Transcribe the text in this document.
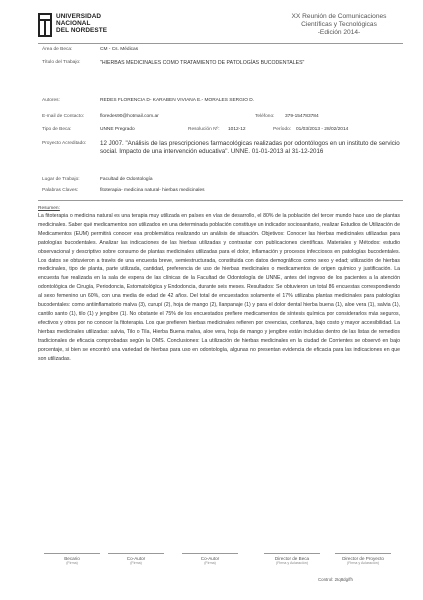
UNIVERSIDAD
NACIONAL
DEL NORDESTE
XX Reunión de Comunicaciones
Científicas y Tecnológicas
-Edición 2014-
Área de Beca:	CM - Cs. Médicas
Título del Trabajo:	"HIERBAS MEDICINALES COMO TRATAMIENTO DE PATOLOGÍAS BUCODENTALES"
Autores:	REDES FLORENCIA D- KARABEN VIVIANA E.- MORALES SERGIO D.
E-mail de Contacto:	floredes90@hotmail.com.ar	Teléfono: 379-154783784
Tipo de Beca:	UNNE Pregrado	Resolución Nº: 1012-12	Período: 01/03/2013 - 28/02/2014
Proyecto Acreditado: 12 J007. "Análisis de las prescripciones farmacológicas realizadas por odontólogos en un instituto de servicio social. Impacto de una intervención educativa". UNNE. 01-01-2013 al 31-12-2016
Lugar de Trabajo:	Facultad de Odontología
Palabras Claves:	fitoterapia- medicina natural- hierbas medicinales
Resumen:
La fitoterapia o medicina natural es una terapia muy utilizada en países en vías de desarrollo, el 80% de la población del tercer mundo hace uso de plantas medicinales. Saber qué medicamentos son utilizados en una determinada población constituye un indicador sociosanitario, realizar Estudios de Utilización de Medicamentos (EUM) permitirá conocer esa problemática realizando un análisis de situación. Objetivos: Conocer las hierbas medicinales utilizadas para patologías bucodentales. Analizar las indicaciones de las hierbas utilizadas y contrastar con publicaciones científicas. Materiales y Métodos: estudio observacional y descriptivo sobre consumo de plantas medicinales utilizadas para el dolor, inflamación y procesos infecciosos en patologías bucodentales. Los datos se obtuvieron a través de una encuesta breve, semiestructurada, constituida con datos demográficos como sexo y edad; utilización de hierbas medicinales, tipo de planta, parte utilizada, cantidad, preferencia de uso de hierbas medicinales o medicamentos de origen químico y justificación. La encuesta fue realizada en la sala de espera de las clínicas de la Facultad de Odontología de UNNE, antes del ingreso de los pacientes a la atención odontológica de Cirugía, Periodoncia, Estomatológica y Endodoncia, durante seis meses. Resultados: Se obtuvieron un total 86 encuestas correspondiendo al sexo femenino un 60%, con una media de edad de 42 años. Del total de encuestados solamente el 17% utilizaba plantas medicinales para patologías bucodentales: como antiinflamatorio malva (3), curupí (2), hoja de mango (2), llanpanaje (1) y para el dolor dental hierba buena (1), aloe vera (1), salvia (1), cantilo santo (1), tilo (1) y jengibre (1). No obstante el 75% de los encuestados prefiere medicamentos de síntesis química por considerarlos más seguros, efectivos y otros por no conocer la fitoterapia. Los que prefieren hierbas medicinales refieren por creencias, confianza, bajo costo y mayor accesibilidad. La hierbas medicinales utilizadas: salvia, Tilo o Tila, Hierba Buena malva, aloe vera, hoja de mango y jengibre están incluidas dentro de las listas de remedios tradicionales de eficacia comprobadas según la OMS. Conclusiones: La utilización de hierbas medicinales en la ciudad de Corrientes se observó en bajo porcentaje, si bien se encontró una variedad de hierbas para uso en odontología, algunas no presentan evidencia de eficacia para las indicaciones en que son utilizadas.
Becario
(Firma)
Co-Autor
(Firma)
Co-Autor
(Firma)
Director de Beca
(Firma y Aclaración)
Director de Proyecto
(Firma y Aclaración)
Control: 2Iq8dg/fh
